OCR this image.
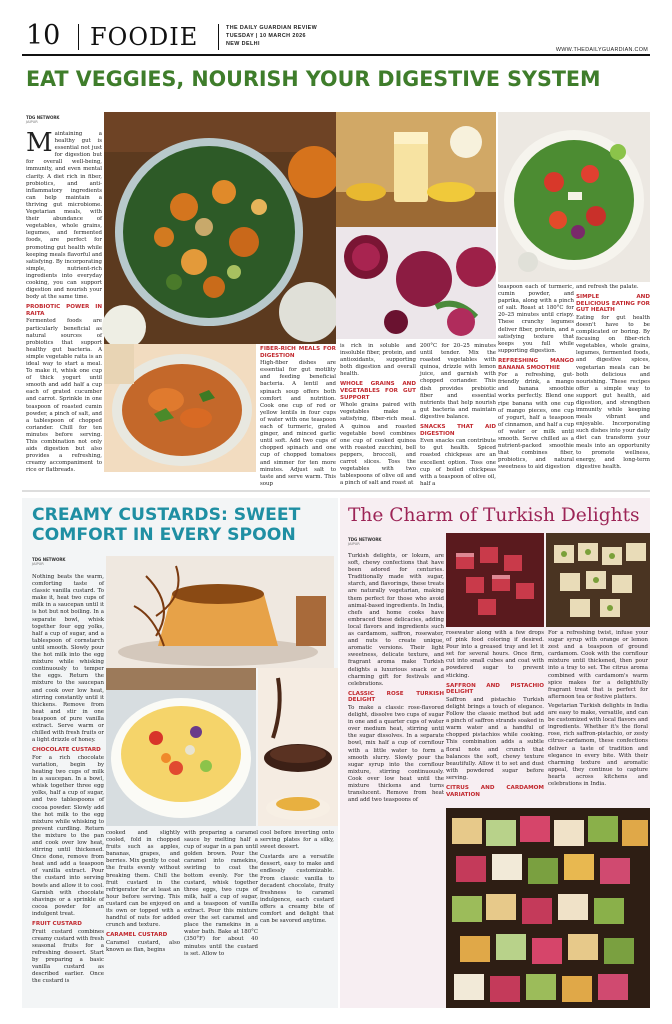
10 FOODIE	THE DAILY GUARDIAN REVIEW
TUESDAY | 10 MARCH 2026
NEW DELHI
WWW.THEDAILYGUARDIAN.COM
EAT VEGGIES, NOURISH YOUR DIGESTIVE SYSTEM
TDG NETWORK
JAIPUR
Maintaining a healthy gut is essential not just for digestion but for overall well-being, immunity, and even mental clarity. A diet rich in fiber, probiotics, and anti-inflammatory ingredients can help maintain a thriving gut microbiome. Vegetarian meals, with their abundance of vegetables, whole grains, legumes, and fermented foods, are perfect for promoting gut health while keeping meals flavorful and satisfying. By incorporating simple, nutrient-rich ingredients into everyday cooking, you can support digestion and nourish your body at the same time.
PROBIOTIC POWER IN RAITA
Fermented foods are particularly beneficial as natural sources of probiotics that support healthy gut bacteria. A simple vegetable raita is an ideal way to start a meal. To make it, whisk one cup of thick yogurt until smooth and add half a cup each of grated cucumber and carrot. Sprinkle in one teaspoon of roasted cumin powder, a pinch of salt, and a tablespoon of chopped coriander. Chill for ten minutes before serving. This combination not only aids digestion but also provides a refreshing, creamy accompaniment to rice or flatbreads.
FIBER-RICH MEALS FOR DIGESTION
High-fiber dishes are essential for gut motility and feeding beneficial bacteria. A lentil and spinach soup offers both comfort and nutrition. Cook one cup of red or yellow lentils in four cups of water with one teaspoon each of turmeric, grated ginger, and minced garlic until soft. Add two cups of chopped spinach and one cup of chopped tomatoes and simmer for ten more minutes. Adjust salt to taste and serve warm. This soup
is rich in soluble and insoluble fiber, protein, and antioxidants, supporting both digestion and overall health.
WHOLE GRAINS AND VEGETABLES FOR GUT SUPPORT
Whole grains paired with vegetables make a satisfying, fiber-rich meal. A quinoa and roasted vegetable bowl combines one cup of cooked quinoa with roasted zucchini, bell peppers, broccoli, and carrot slices. Toss the vegetables with two tablespoons of olive oil and a pinch of salt and roast at
200°C for 20–25 minutes until tender. Mix the roasted vegetables with quinoa, drizzle with lemon juice, and garnish with chopped coriander. This dish provides prebiotic fiber and essential nutrients that help nourish gut bacteria and maintain digestive balance.
SNACKS THAT AID DIGESTION
Even snacks can contribute to gut health. Spiced roasted chickpeas are an excellent option. Toss one cup of boiled chickpeas with a teaspoon of olive oil, half a
teaspoon each of turmeric, cumin powder, and paprika, along with a pinch of salt. Roast at 180°C for 20–25 minutes until crispy. These crunchy legumes deliver fiber, protein, and a satisfying texture that keeps you full while supporting digestion.
REFRESHING MANGO BANANA SMOOTHIE
For a refreshing, gut-friendly drink, a mango and banana smoothie works perfectly. Blend one ripe banana with one cup of mango pieces, one cup of yogurt, half a teaspoon of cinnamon, and half a cup of water or milk until smooth. Serve chilled as a nutrient-packed smoothie that combines fiber, probiotics, and natural sweetness to aid digestion
and refresh the palate.
SIMPLE AND DELICIOUS EATING FOR GUT HEALTH
Eating for gut health doesn't have to be complicated or boring. By focusing on fiber-rich vegetables, whole grains, legumes, fermented foods, and digestive spices, vegetarian meals can be both delicious and nourishing. These recipes offer a simple way to support gut health, aid digestion, and strengthen immunity while keeping meals vibrant and enjoyable. Incorporating such dishes into your daily diet can transform your meals into an opportunity to promote wellness, energy, and long-term digestive health.
CREAMY CUSTARDS: SWEET COMFORT IN EVERY SPOON
TDG NETWORK
JAIPUR
Nothing beats the warm, comforting taste of classic vanilla custard. To make it, heat two cups of milk in a saucepan until it is hot but not boiling. In a separate bowl, whisk together four egg yolks, half a cup of sugar, and a tablespoon of cornstarch until smooth. Slowly pour the hot milk into the egg mixture while whisking continuously to temper the eggs. Return the mixture to the saucepan and cook over low heat, stirring constantly until it thickens. Remove from heat and stir in one teaspoon of pure vanilla extract. Serve warm or chilled with fresh fruits or a light drizzle of honey.
CHOCOLATE CUSTARD
For a rich chocolate variation, begin by heating two cups of milk in a saucepan. In a bowl, whisk together three egg yolks, half a cup of sugar, and two tablespoons of cocoa powder. Slowly add the hot milk to the egg mixture while whisking to prevent curdling. Return the mixture to the pan and cook over low heat, stirring until thickened. Once done, remove from heat and add a teaspoon of vanilla extract. Pour the custard into serving bowls and allow it to cool. Garnish with chocolate shavings or a sprinkle of cocoa powder for an indulgent treat.
FRUIT CUSTARD
Fruit custard combines creamy custard with fresh seasonal fruits for a refreshing dessert. Start by preparing a basic vanilla custard as described earlier. Once the custard is
cooked and slightly cooled, fold in chopped fruits such as apples, bananas, grapes, and berries. Mix gently to coat the fruits evenly without breaking them. Chill the fruit custard in the refrigerator for at least an hour before serving. This custard can be enjoyed on its own or topped with a handful of nuts for added crunch and texture.
CARAMEL CUSTARD
Caramel custard, also known as flan, begins
with preparing a caramel sauce by melting half a cup of sugar in a pan until golden brown. Pour the caramel into ramekins, swirling to coat the bottom evenly. For the custard, whisk together three eggs, two cups of milk, half a cup of sugar, and a teaspoon of vanilla extract. Pour this mixture over the set caramel and place the ramekins in a water bath. Bake at 180°C (350°F) for about 40 minutes until the custard is set. Allow to
cool before inverting onto serving plates for a silky, sweet dessert.
Custards are a versatile dessert, easy to make and endlessly customizable. From classic vanilla to decadent chocolate, fruity freshness to caramel indulgence, each custard offers a creamy bite of comfort and delight that can be savored anytime.
The Charm of Turkish Delights
TDG NETWORK
JAIPUR
Turkish delights, or lokum, are soft, chewy confections that have been adored for centuries. Traditionally made with sugar, starch, and flavorings, these treats are naturally vegetarian, making them perfect for those who avoid animal-based ingredients. In India, chefs and home cooks have embraced these delicacies, adding local flavors and ingredients such as cardamom, saffron, rosewater, and nuts to create unique, aromatic versions. Their light sweetness, delicate texture, and fragrant aroma make Turkish delights a luxurious snack or a charming gift for festivals and celebrations.
CLASSIC ROSE TURKISH DELIGHT
To make a classic rose-flavored delight, dissolve two cups of sugar in one and a quarter cups of water over medium heat, stirring until the sugar dissolves. In a separate bowl, mix half a cup of cornflour with a little water to form a smooth slurry. Slowly pour the sugar syrup into the cornflour mixture, stirring continuously. Cook over low heat until the mixture thickens and turns translucent. Remove from heat and add two teaspoons of
rosewater along with a few drops of pink food coloring if desired. Pour into a greased tray and let it set for several hours. Once firm, cut into small cubes and coat with powdered sugar to prevent sticking.
SAFFRON AND PISTACHIO DELIGHT
Saffron and pistachio Turkish delight brings a touch of elegance. Follow the classic method but add a pinch of saffron strands soaked in warm water and a handful of chopped pistachios while cooking. This combination adds a subtle floral note and crunch that balances the soft, chewy texture beautifully. Allow it to set and dust with powdered sugar before serving.
CITRUS AND CARDAMOM VARIATION
For a refreshing twist, infuse your sugar syrup with orange or lemon zest and a teaspoon of ground cardamom. Cook with the cornflour mixture until thickened, then pour into a tray to set. The citrus aroma combined with cardamom's warm spice makes for a delightfully fragrant treat that is perfect for afternoon tea or festive platters.
Vegetarian Turkish delights in India are easy to make, versatile, and can be customized with local flavors and ingredients. Whether it's the floral rose, rich saffron-pistachio, or zesty citrus-cardamom, these confections deliver a taste of tradition and elegance in every bite. With their charming texture and aromatic appeal, they continue to capture hearts across kitchens and celebrations in India.
